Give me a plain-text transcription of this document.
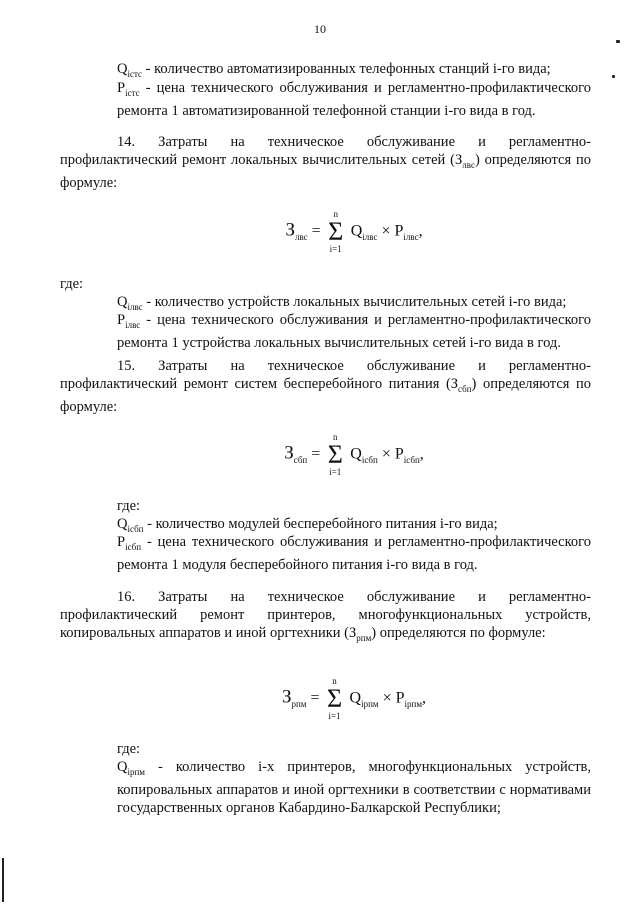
10

$Q_{iстс}$ - количество автоматизированных телефонных станций i-го вида;

$P_{iстс}$ - цена технического обслуживания и регламентно-профилактического ремонта 1 автоматизированной телефонной станции i-го вида в год.

14. Затраты на техническое обслуживание и регламентно-профилактический ремонт локальных вычислительных сетей $(З_{лвс})$ определяются по формуле:

$З_{лвс}$ =
n
Σ
i=1
$Q_{iлвс} \times P_{iлвс}$,

где:

$Q_{iлвс}$ - количество устройств локальных вычислительных сетей i-го вида;

$P_{iлвс}$ - цена технического обслуживания и регламентно-профилактического ремонта 1 устройства локальных вычислительных сетей i-го вида в год.

15. Затраты на техническое обслуживание и регламентно-профилактический ремонт систем бесперебойного питания $(З_{сбп})$ определяются по формуле:

$З_{сбп}$ =
n
Σ
i=1
$Q_{iсбп} \times P_{iсбп}$,

где:

$Q_{iсбп}$ - количество модулей бесперебойного питания i-го вида;

$P_{iсбп}$ - цена технического обслуживания и регламентно-профилактического ремонта 1 модуля бесперебойного питания i-го вида в год.

16. Затраты на техническое обслуживание и регламентно-профилактический ремонт принтеров, многофункциональных устройств, копировальных аппаратов и иной оргтехники $(З_{рпм})$ определяются по формуле:

$З_{рпм}$ =
n
Σ
i=1
$Q_{iрпм} \times P_{iрпм}$,

где:

$Q_{iрпм}$ - количество i-х принтеров, многофункциональных устройств, копировальных аппаратов и иной оргтехники в соответствии с нормативами государственных органов Кабардино-Балкарской Республики;
